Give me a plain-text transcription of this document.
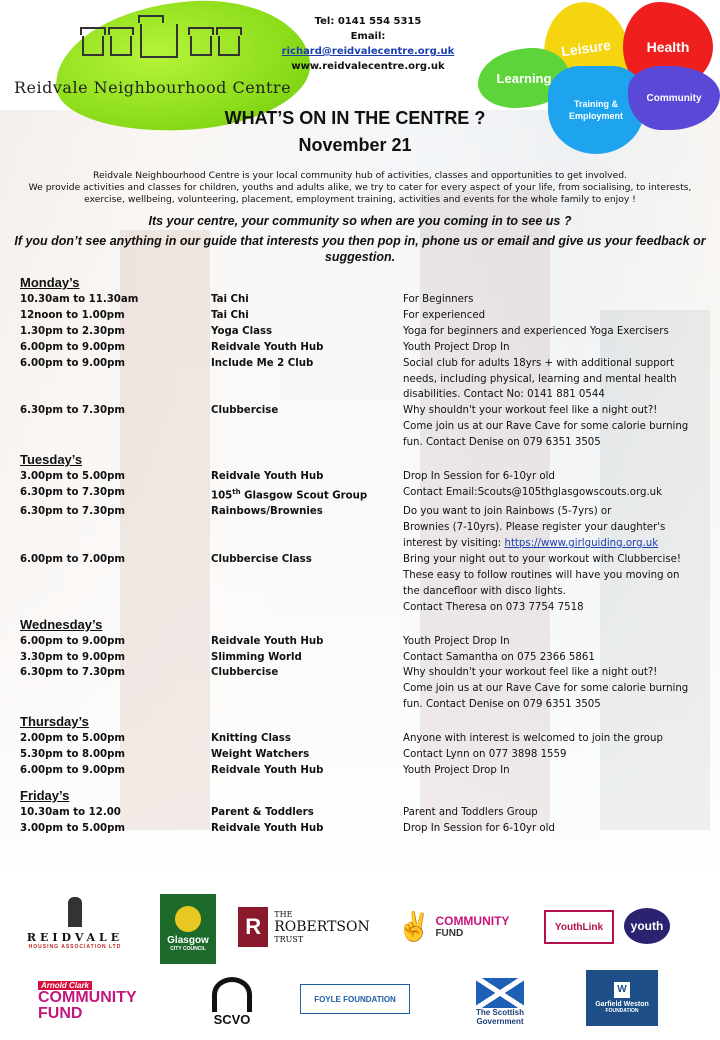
Reidvale Neighbourhood Centre
Tel: 0141 554 5315
Email: richard@reidvalecentre.org.uk
www.reidvalecentre.org.uk
Leisure	Health
Learning
Training & Employment
Community
WHAT’S ON IN THE CENTRE ?
November 21
Reidvale Neighbourhood Centre is your local community hub of activities, classes and opportunities to get involved.
We provide activities and classes for children, youths and adults alike, we try to cater for every aspect of your life, from socialising, to interests, exercise, wellbeing, volunteering, placement, employment training, activities and events for the whole family to enjoy !
Its your centre, your community so when are you coming in to see us ?
If you don’t see anything in our guide that interests you then pop in, phone us or email and give us your feedback or suggestion.
Monday’s
10.30am to 11.30am	Tai Chi	For Beginners
12noon to 1.00pm	Tai Chi	For experienced
1.30pm to 2.30pm	Yoga Class	Yoga for beginners and experienced Yoga Exercisers
6.00pm to 9.00pm	Reidvale Youth Hub	Youth Project Drop In
6.00pm to 9.00pm	Include Me 2 Club	Social club for adults 18yrs + with additional support
needs, including physical, learning and mental health
disabilities. Contact No: 0141 881 0544
6.30pm to 7.30pm	Clubbercise	Why shouldn't your workout feel like a night out?!
Come join us at our Rave Cave for some calorie burning
fun. Contact Denise on 079 6351 3505
Tuesday’s
3.00pm to 5.00pm	Reidvale Youth Hub	Drop In Session for 6-10yr old
6.30pm to 7.30pm	105th Glasgow Scout Group	Contact Email:Scouts@105thglasgowscouts.org.uk
6.30pm to 7.30pm	Rainbows/Brownies	Do you want to join Rainbows (5-7yrs) or
Brownies (7-10yrs). Please register your daughter's
interest by visiting: https://www.girlguiding.org.uk
6.00pm to 7.00pm	Clubbercise Class	Bring your night out to your workout with Clubbercise!
These easy to follow routines will have you moving on
the dancefloor with disco lights.
Contact Theresa on 073 7754 7518
Wednesday’s
6.00pm to 9.00pm	Reidvale Youth Hub	Youth Project Drop In
3.30pm to 9.00pm	Slimming World	Contact Samantha on 075 2366 5861
6.30pm to 7.30pm	Clubbercise	Why shouldn't your workout feel like a night out?!
Come join us at our Rave Cave for some calorie burning
fun. Contact Denise on 079 6351 3505
Thursday’s
2.00pm to 5.00pm	Knitting Class	Anyone with interest is welcomed to join the group
5.30pm to 8.00pm	Weight Watchers	Contact Lynn on 077 3898 1559
6.00pm to 9.00pm	Reidvale Youth Hub	Youth Project Drop In
Friday’s
10.30am to 12.00	Parent & Toddlers	Parent and Toddlers Group
3.00pm to 5.00pm	Reidvale Youth Hub	Drop In Session for 6-10yr old
REIDVALE
HOUSING ASSOCIATION LTD
Glasgow
CITY COUNCIL
R	THE
ROBERTSON
TRUST	✌ COMMUNITY
FUND
YouthLink	youth
Arnold Clark
COMMUNITY
FUND	SCVO
FOYLE FOUNDATION
The Scottish
Government
W
Garfield Weston
FOUNDATION
